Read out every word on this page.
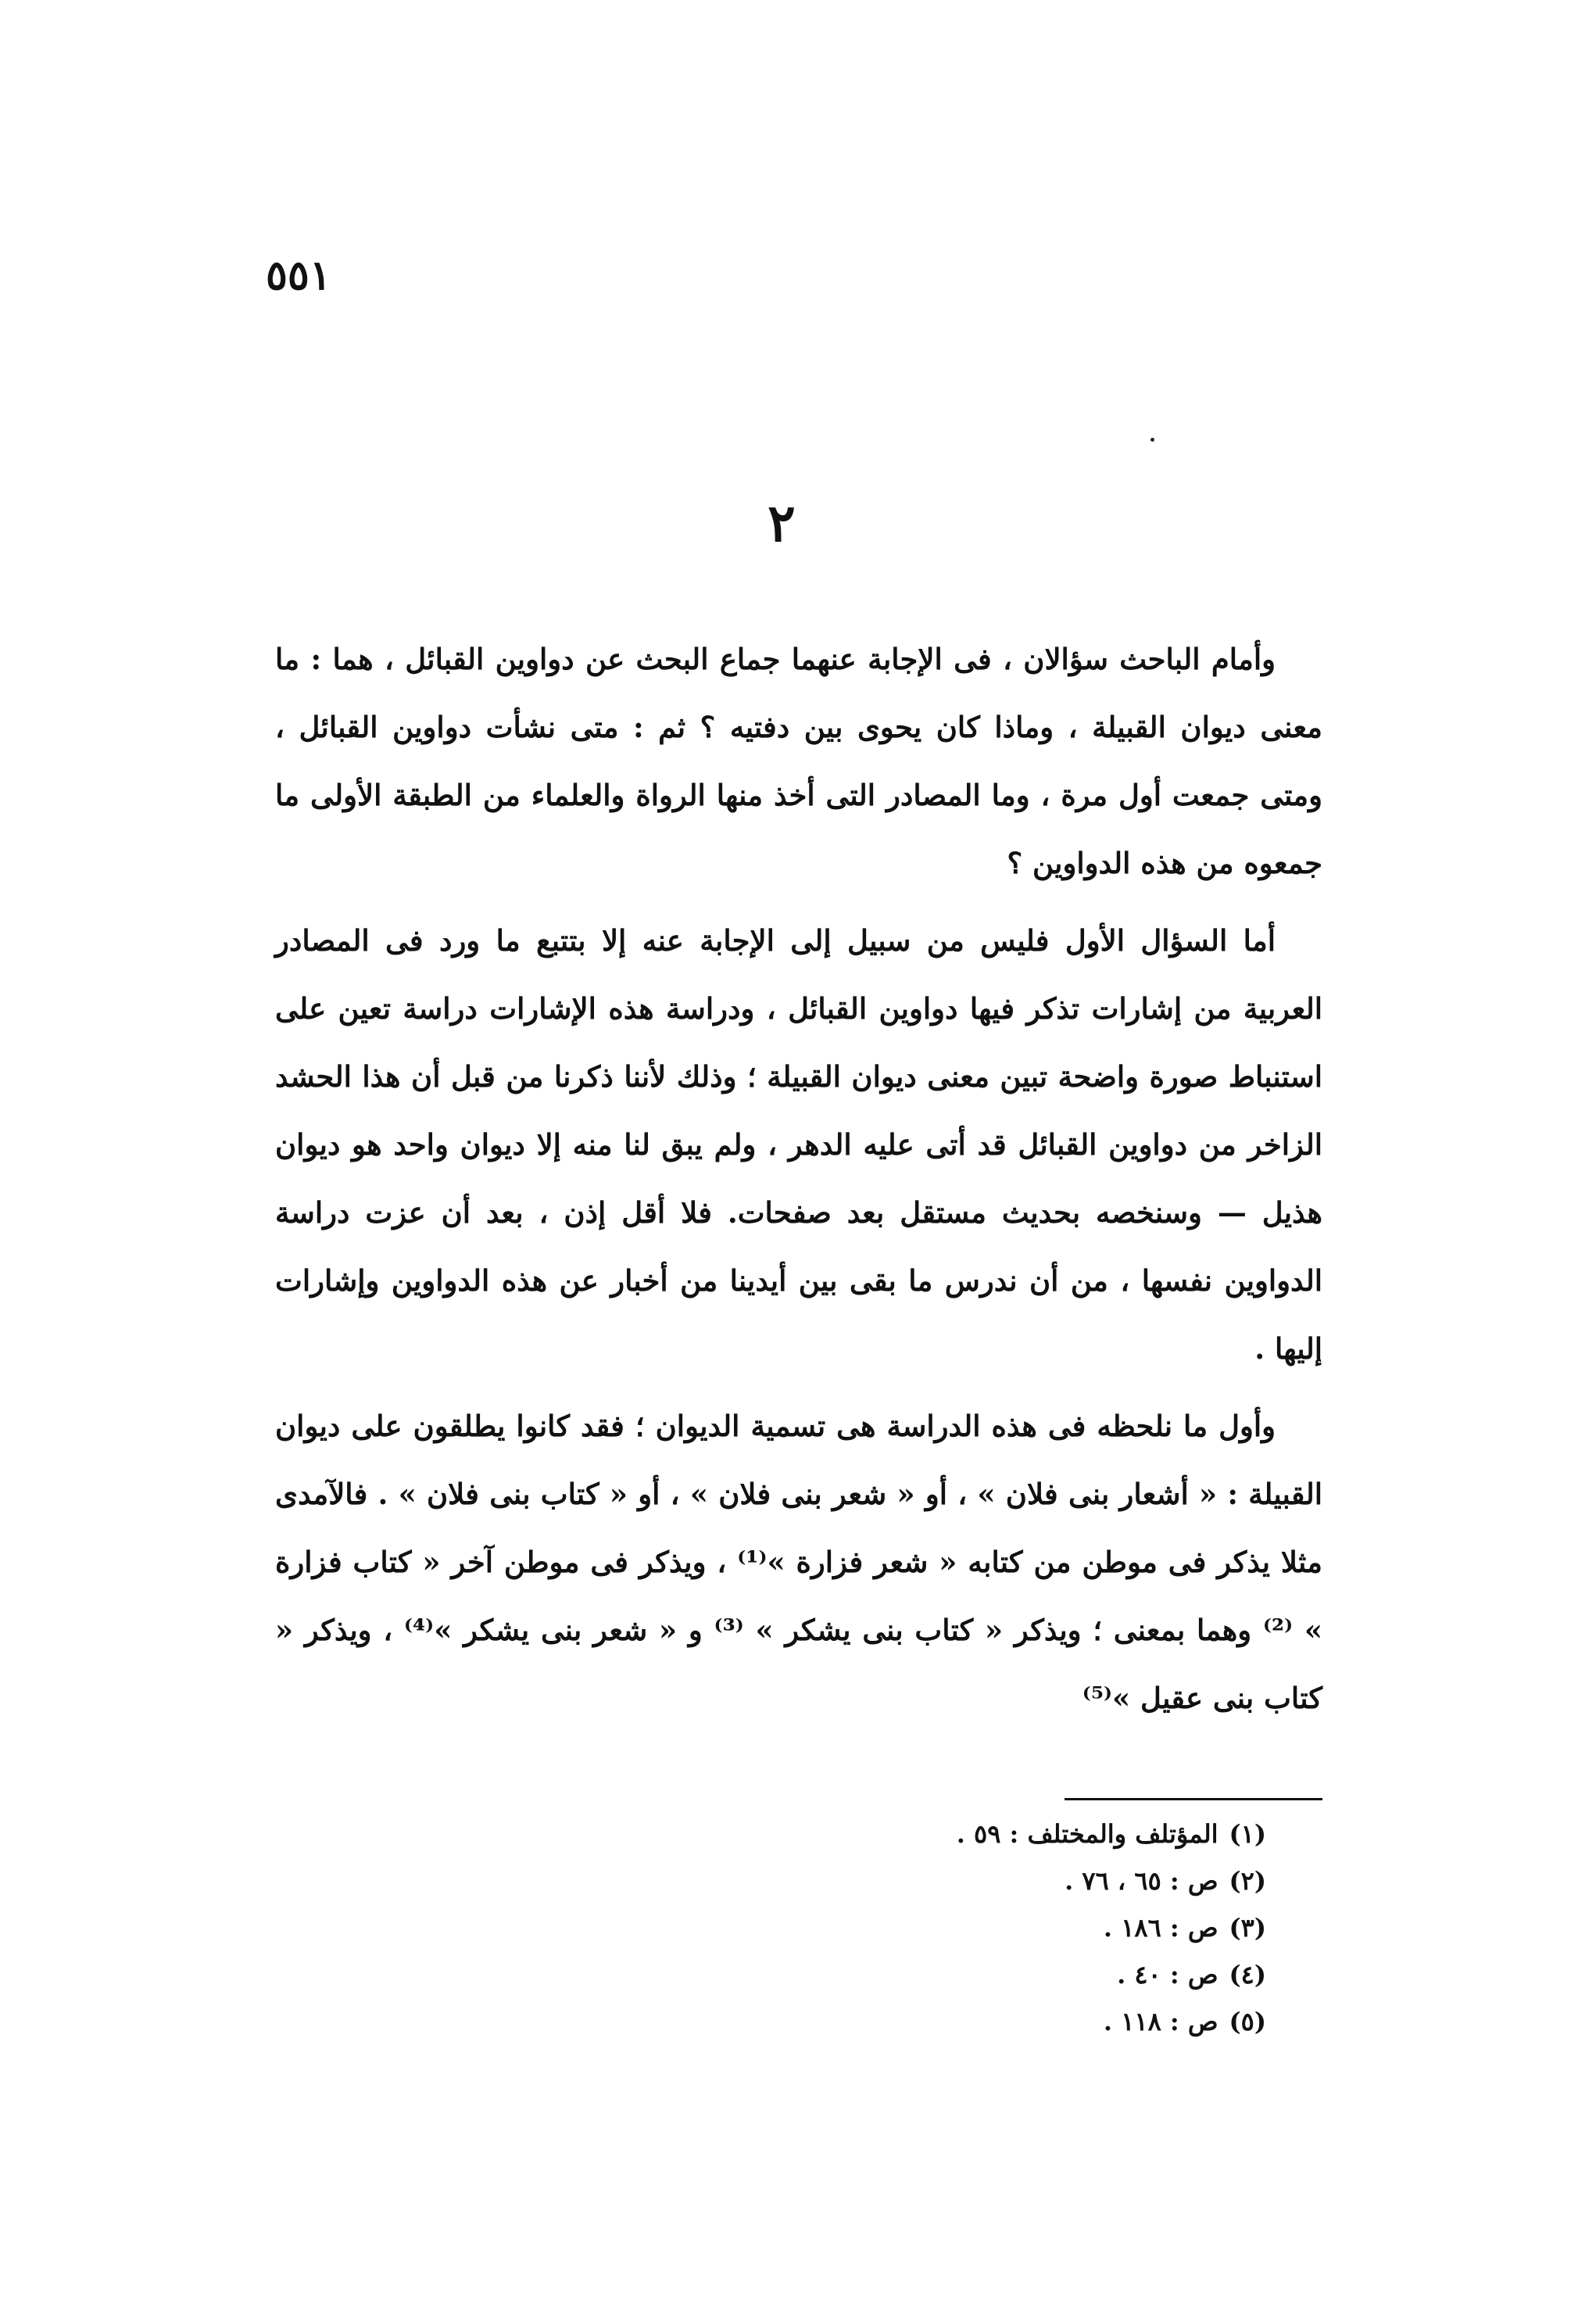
٥٥١
٢

وأمام الباحث سؤالان ، فى الإجابة عنهما جماع البحث عن دواوين القبائل ، هما : ما معنى ديوان القبيلة ، وماذا كان يحوى بين دفتيه ؟ ثم : متى نشأت دواوين القبائل ، ومتى جمعت أول مرة ، وما المصادر التى أخذ منها الرواة والعلماء من الطبقة الأولى ما جمعوه من هذه الدواوين ؟

أما السؤال الأول فليس من سبيل إلى الإجابة عنه إلا بتتبع ما ورد فى المصادر العربية من إشارات تذكر فيها دواوين القبائل ، ودراسة هذه الإشارات دراسة تعين على استنباط صورة واضحة تبين معنى ديوان القبيلة ؛ وذلك لأننا ذكرنا من قبل أن هذا الحشد الزاخر من دواوين القبائل قد أتى عليه الدهر ، ولم يبق لنا منه إلا ديوان واحد هو ديوان هذيل — وسنخصه بحديث مستقل بعد صفحات. فلا أقل إذن ، بعد أن عزت دراسة الدواوين نفسها ، من أن ندرس ما بقى بين أيدينا من أخبار عن هذه الدواوين وإشارات إليها .

وأول ما نلحظه فى هذه الدراسة هى تسمية الديوان ؛ فقد كانوا يطلقون على ديوان القبيلة : « أشعار بنى فلان » ، أو « شعر بنى فلان » ، أو « كتاب بنى فلان » . فالآمدى مثلا يذكر فى موطن من كتابه « شعر فزارة »⁽¹⁾ ، ويذكر فى موطن آخر « كتاب فزارة » ⁽²⁾ وهما بمعنى ؛ ويذكر « كتاب بنى يشكر » ⁽³⁾ و « شعر بنى يشكر »⁽⁴⁾ ، ويذكر « كتاب بنى عقيل »⁽⁵⁾

(١)المؤتلف والمختلف : ٥٩ .
(٢)ص : ٦٥ ، ٧٦ .
(٣)ص : ١٨٦ .
(٤)ص : ٤٠ .
(٥)ص : ١١٨ .
